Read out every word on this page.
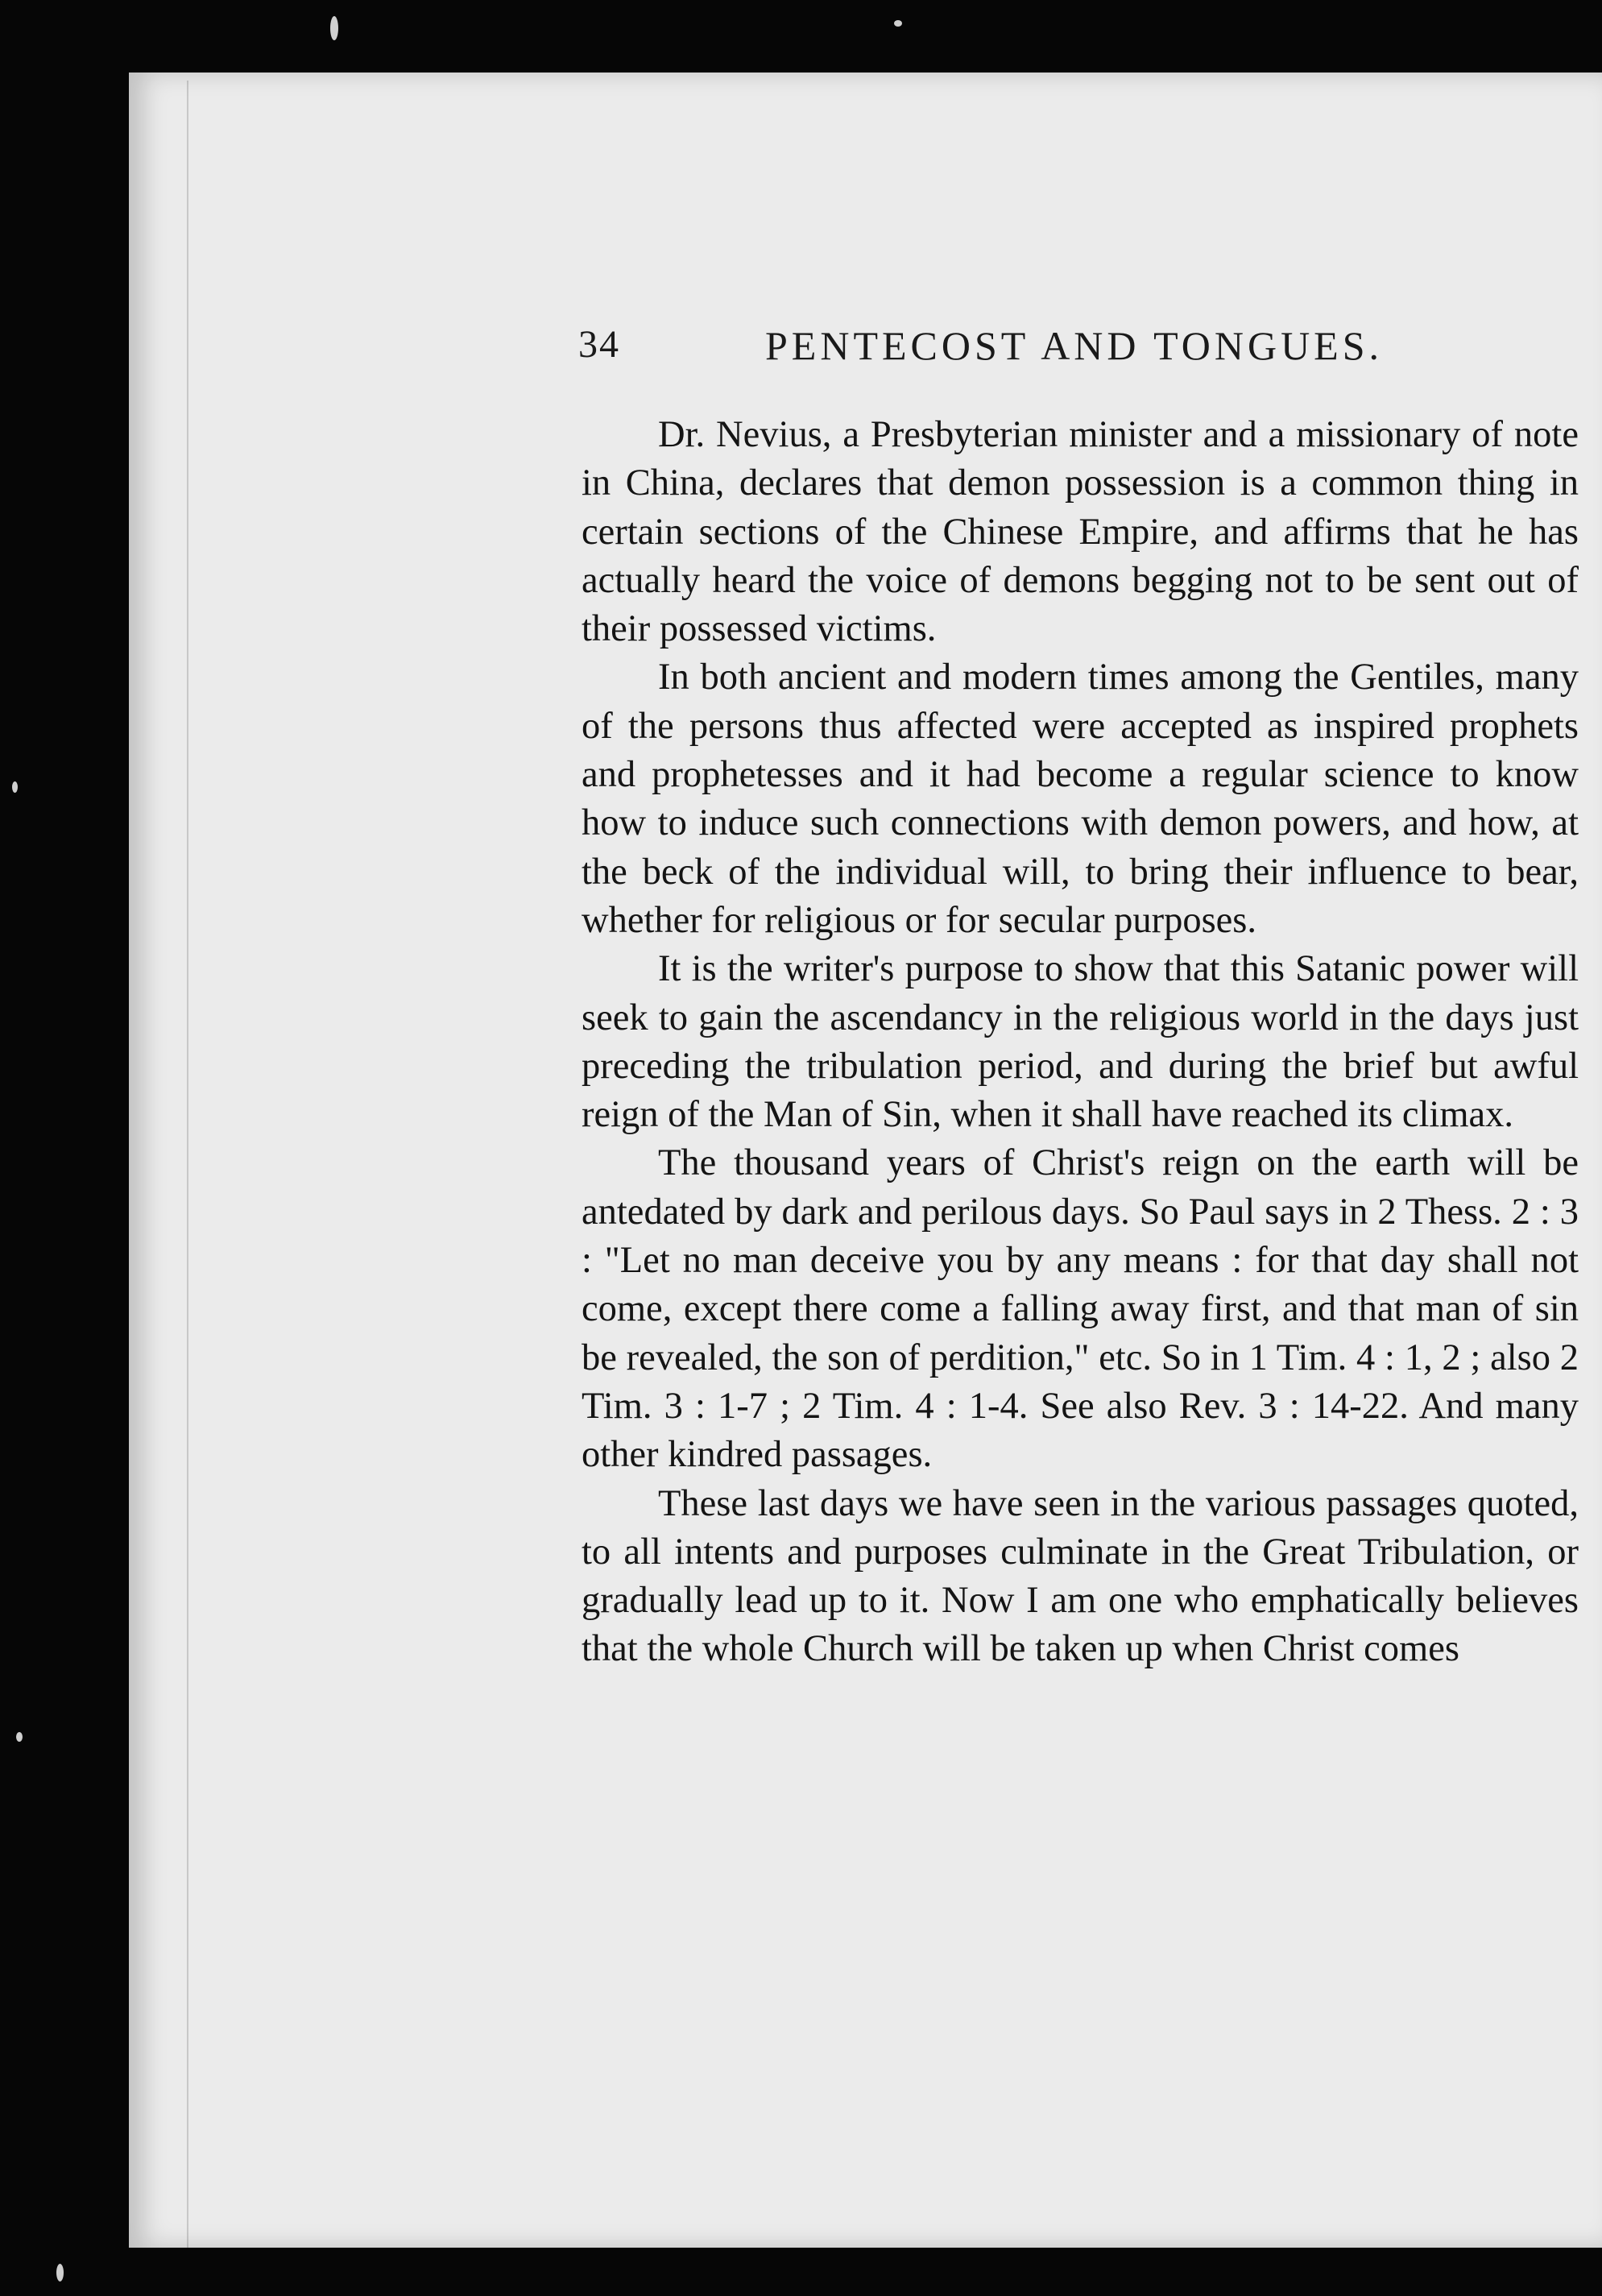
34	PENTECOST AND TONGUES.

Dr. Nevius, a Presbyterian minister and a missionary of note in China, declares that demon possession is a common thing in certain sections of the Chinese Empire, and affirms that he has actually heard the voice of demons begging not to be sent out of their possessed victims.

In both ancient and modern times among the Gentiles, many of the persons thus affected were accepted as inspired prophets and prophetesses and it had become a regular science to know how to induce such connections with demon powers, and how, at the beck of the individual will, to bring their influence to bear, whether for religious or for secular purposes.

It is the writer's purpose to show that this Satanic power will seek to gain the ascendancy in the religious world in the days just preceding the tribulation period, and during the brief but awful reign of the Man of Sin, when it shall have reached its climax.

The thousand years of Christ's reign on the earth will be antedated by dark and perilous days. So Paul says in 2 Thess. 2 : 3 : "Let no man deceive you by any means : for that day shall not come, except there come a falling away first, and that man of sin be revealed, the son of perdition," etc. So in 1 Tim. 4 : 1, 2 ; also 2 Tim. 3 : 1-7 ; 2 Tim. 4 : 1-4. See also Rev. 3 : 14-22. And many other kindred passages.

These last days we have seen in the various passages quoted, to all intents and purposes culminate in the Great Tribulation, or gradually lead up to it. Now I am one who emphatically believes that the whole Church will be taken up when Christ comes
